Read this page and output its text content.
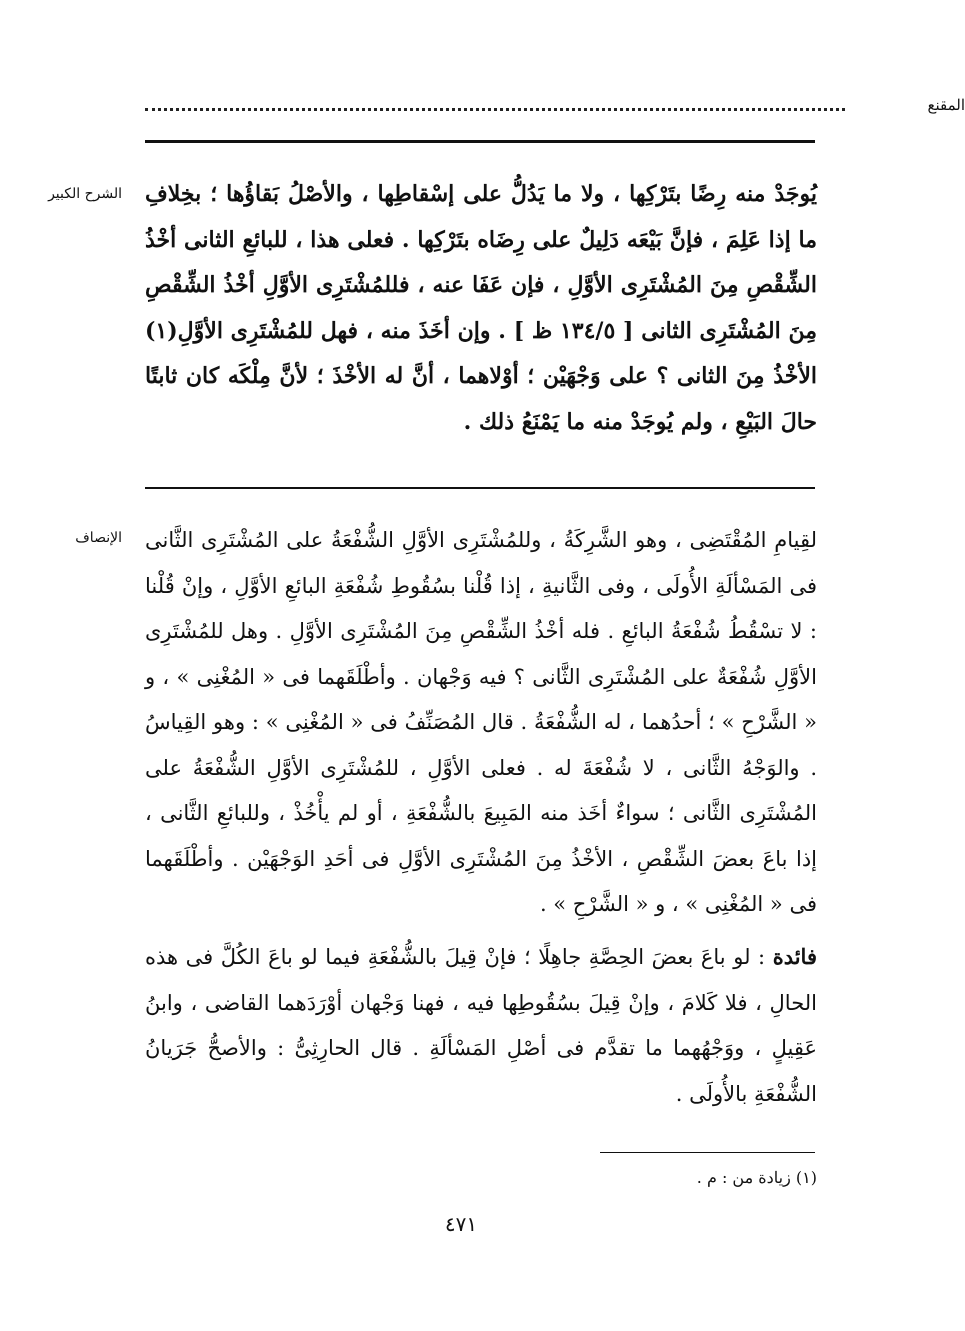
المقنع
الشرح الكبير يُوجَدْ منه رِضًا بتَرْكِها ، ولا ما يَدُلُّ على إسْقاطِها ، والأصْلُ بَقاؤُها ؛ بخِلافِ ما إذا عَلِمَ ، فإنَّ بَيْعَه دَلِيلٌ على رِضَاه بتَرْكِها . فعلى هذا ، للبائعِ الثانى أخْذُ الشِّقْصِ مِنَ المُشْتَرِى الأوَّلِ ، فإن عَفَا عنه ، فللمُشْتَرِى الأوَّلِ أخْذُ الشِّقْصِ مِنَ المُشْتَرِى الثانى [ ١٣٤/٥ ظ ] . وإن أخَذَ منه ، فهل للمُشْتَرِى الأوَّلِ(١) الأخْذُ مِنَ الثانى ؟ على وَجْهَيْن ؛ أوْلاهما ، أنَّ له الأخْذَ ؛ لأنَّ مِلْكَه كان ثابتًا حالَ البَيْعِ ، ولم يُوجَدْ منه ما يَمْنَعُ ذلك .

الإنصاف لقِيامِ المُقْتَضِى ، وهو الشَّرِكَةُ ، وللمُشْتَرِى الأوَّلِ الشُّفْعَةُ على المُشْتَرِى الثَّانى فى المَسْألَةِ الأُولَى ، وفى الثَّانيةِ ، إذا قُلْنا بسُقُوطِ شُفْعَةِ البائعِ الأوَّلِ ، وإنْ قُلْنا : لا تسْقُطُ شُفْعَةُ البائعِ . فله أخْذُ الشِّقْصِ مِنَ المُشْتَرِى الأوَّلِ . وهل للمُشْتَرِى الأوَّلِ شُفْعَةٌ على المُشْتَرِى الثَّانى ؟ فيه وَجْهان . وأطْلَقَهما فى « المُغْنِى » ، و « الشَّرْحِ » ؛ أحدُهما ، له الشُّفْعَةُ . قال المُصَنِّفُ فى « المُغْنِى » : وهو القِياسُ . والوَجْهُ الثَّانى ، لا شُفْعَةَ له . فعلى الأوَّلِ ، للمُشْتَرِى الأوَّلِ الشُّفْعَةُ على المُشْتَرِى الثَّانى ؛ سواءٌ أخَذ منه المَبِيعَ بالشُّفْعَةِ ، أو لم يأْخُذْ ، وللبائعِ الثَّانى ، إذا باعَ بعضَ الشِّقْصِ ، الأخْذُ مِنَ المُشْتَرِى الأوَّلِ فى أحَدِ الوَجْهَيْن . وأطْلَقَهما فى « المُغْنِى » ، و « الشَّرْحِ » .

فائدة : لو باعَ بعضَ الحِصَّةِ جاهِلًا ؛ فإنْ قِيلَ بالشُّفْعَةِ فيما لو باعَ الكُلَّ فى هذه الحالِ ، فلا كَلامَ ، وإنْ قِيلَ بسُقُوطِها فيه ، فهنا وَجْهان أوْرَدَهما القاضى ، وابنُ عَقِيلٍ ، ووَجْهُهما ما تقدَّم فى أصْلِ المَسْألَةِ . قال الحارِثِىُّ : والأصحُّ جَرَيانُ الشُّفْعَةِ بالأُولَى .

(١) زيادة من : م .
٤٧١
